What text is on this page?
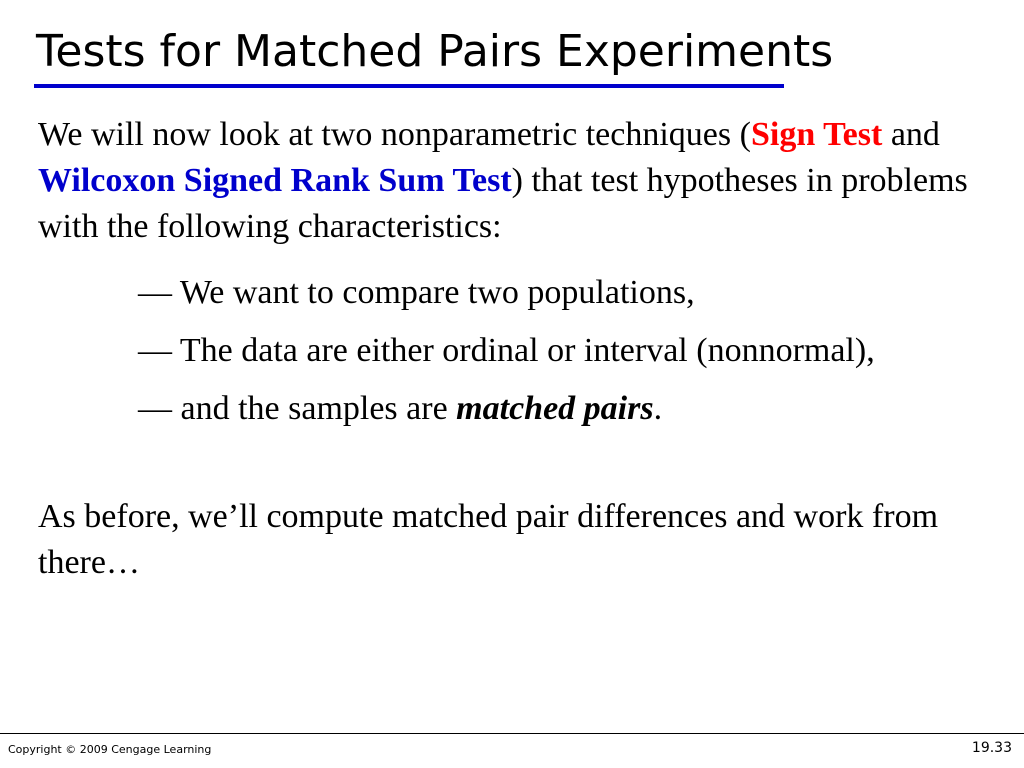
Tests for Matched Pairs Experiments

We will now look at two nonparametric techniques (Sign Test and Wilcoxon Signed Rank Sum Test) that test hypotheses in problems with the following characteristics:

— We want to compare two populations,
— The data are either ordinal or interval (nonnormal),
— and the samples are matched pairs.

As before, we’ll compute matched pair differences and work from there…

Copyright © 2009 Cengage Learning	19.33
